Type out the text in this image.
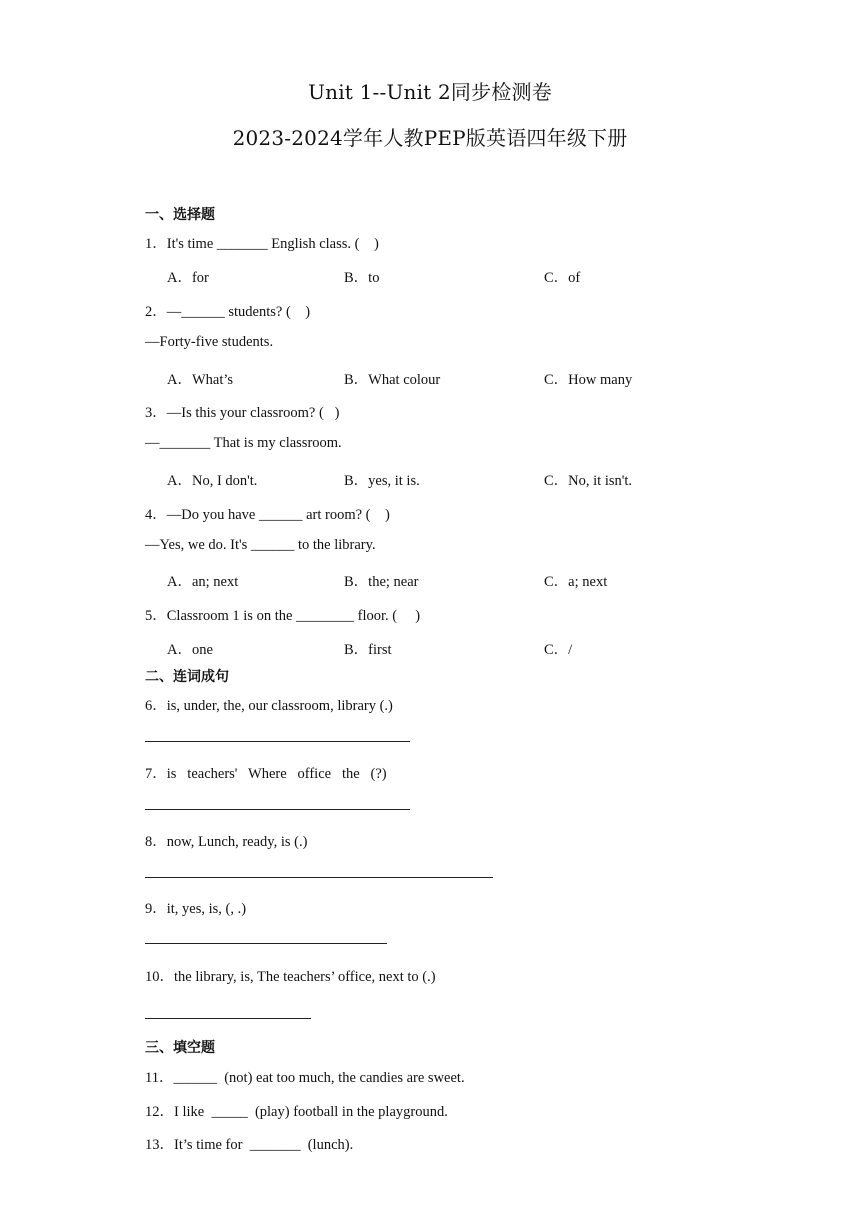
Unit 1--Unit 2同步检测卷
2023-2024学年人教PEP版英语四年级下册
一、选择题
1．It's time _______ English class. (    )
A．for	B．to	C．of
2．—______ students? (    )
—Forty-five students.
A．What’s	B．What colour	C．How many
3．—Is this your classroom? (   )
—_______ That is my classroom.
A．No, I don't.	B．yes, it is.	C．No, it isn't.
4．—Do you have ______ art room? (    )
—Yes, we do. It's ______ to the library.
A．an; next	B．the; near	C．a; next
5．Classroom 1 is on the ________ floor. (     )
A．one	B．first	C．/
二、连词成句
6．is, under, the, our classroom, library (.)
7．is   teachers'   Where   office   the   (?)
8．now, Lunch, ready, is (.)
9．it, yes, is, (, .)
10．the library, is, The teachers’ office, next to (.)
三、填空题
11．______  (not) eat too much, the candies are sweet.
12．I like  _____  (play) football in the playground.
13．It’s time for  _______  (lunch).
